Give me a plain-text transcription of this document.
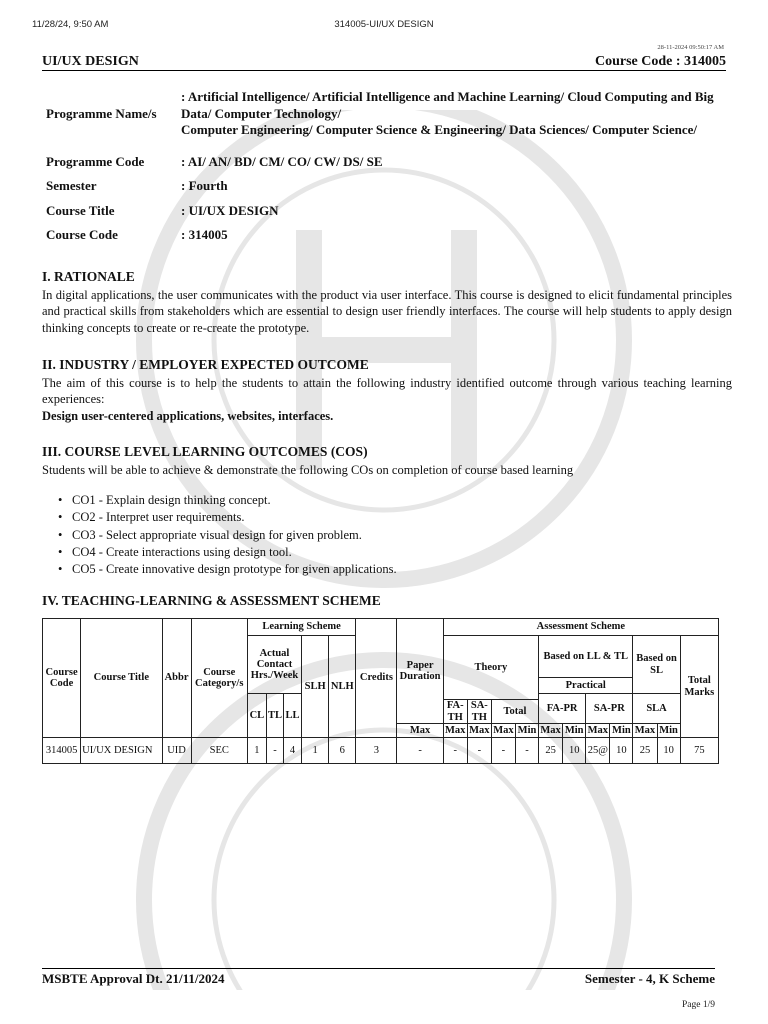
11/28/24, 9:50 AM	314005-UI/UX DESIGN
28-11-2024 09:50:17 AM
UI/UX DESIGN	Course Code : 314005
Programme Name/s	: Artificial Intelligence/ Artificial Intelligence and Machine Learning/ Cloud Computing and Big Data/ Computer Technology/
Computer Engineering/ Computer Science & Engineering/ Data Sciences/ Computer Science/

Programme Code	: AI/ AN/ BD/ CM/ CO/ CW/ DS/ SE
Semester	: Fourth
Course Title	: UI/UX DESIGN
Course Code	: 314005
I. RATIONALE

In digital applications, the user communicates with the product via user interface. This course is designed to elicit fundamental principles and practical skills from stakeholders which are essential to design user friendly interfaces. The course will help students to apply design thinking concepts to create or re-create the prototype.

II. INDUSTRY / EMPLOYER EXPECTED OUTCOME

The aim of this course is to help the students to attain the following industry identified outcome through various teaching learning experiences:

Design user-centered applications, websites, interfaces.

III. COURSE LEVEL LEARNING OUTCOMES (COS)

Students will be able to achieve & demonstrate the following COs on completion of course based learning

• CO1 - Explain design thinking concept.
• CO2 - Interpret user requirements.
• CO3 - Select appropriate visual design for given problem.
• CO4 - Create interactions using design tool.
• CO5 - Create innovative design prototype for given applications.
IV. TEACHING-LEARNING & ASSESSMENT SCHEME
Course Code	Course Title	Abbr	Course Category/s	Learning Scheme					Credits	Paper Duration	Assessment Scheme										
				Actual Contact Hrs./Week			SLH	NLH			Theory				Based on LL & TL				Based on SL		Total Marks
															Practical						
				CL	TL	LL									FA-PR		SA-PR		SLA		
											FA-TH	SA-TH	Total								
										Max	Max	Max	Max	Min	Max	Min	Max	Min	Max	Min	
314005	UI/UX DESIGN	UID	SEC	1	-	4	1	6	3	-	-	-	-	-	25	10	25@	10	25	10	75
MSBTE Approval Dt. 21/11/2024	Semester - 4, K Scheme
Page 1/9
